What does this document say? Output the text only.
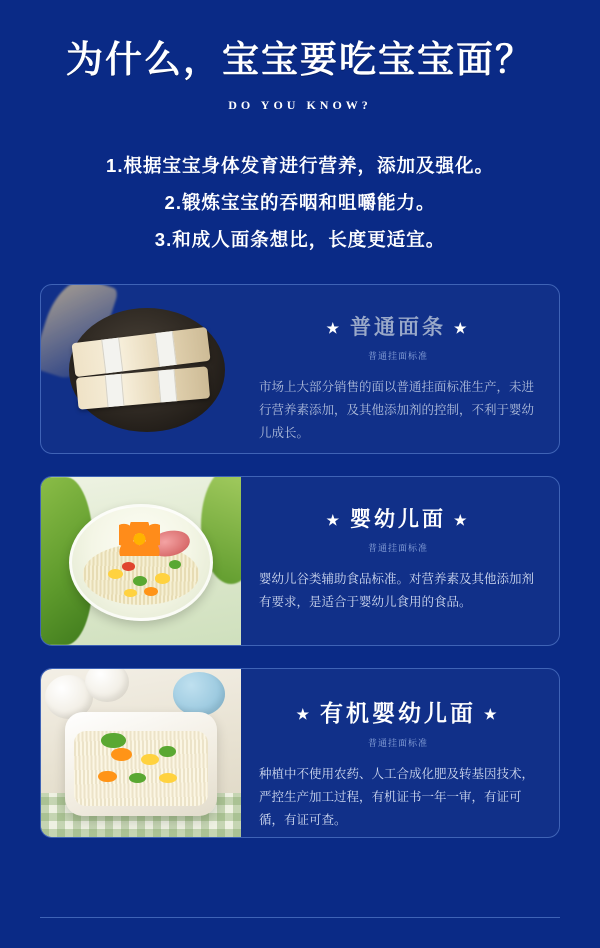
为什么，宝宝要吃宝宝面？
DO YOU KNOW?
1.根据宝宝身体发育进行营养，添加及强化。
2.锻炼宝宝的吞咽和咀嚼能力。
3.和成人面条想比，长度更适宜。
★ 普通面条 ★
普通挂面标准
市场上大部分销售的面以普通挂面标准生产，未进行营养素添加，及其他添加剂的控制，不利于婴幼儿成长。
★ 婴幼儿面 ★
普通挂面标准
婴幼儿谷类辅助食品标准。对营养素及其他添加剂有要求，是适合于婴幼儿食用的食品。
★ 有机婴幼儿面 ★
普通挂面标准
种植中不使用农药、人工合成化肥及转基因技术，严控生产加工过程，有机证书一年一审，有证可循，有证可查。
